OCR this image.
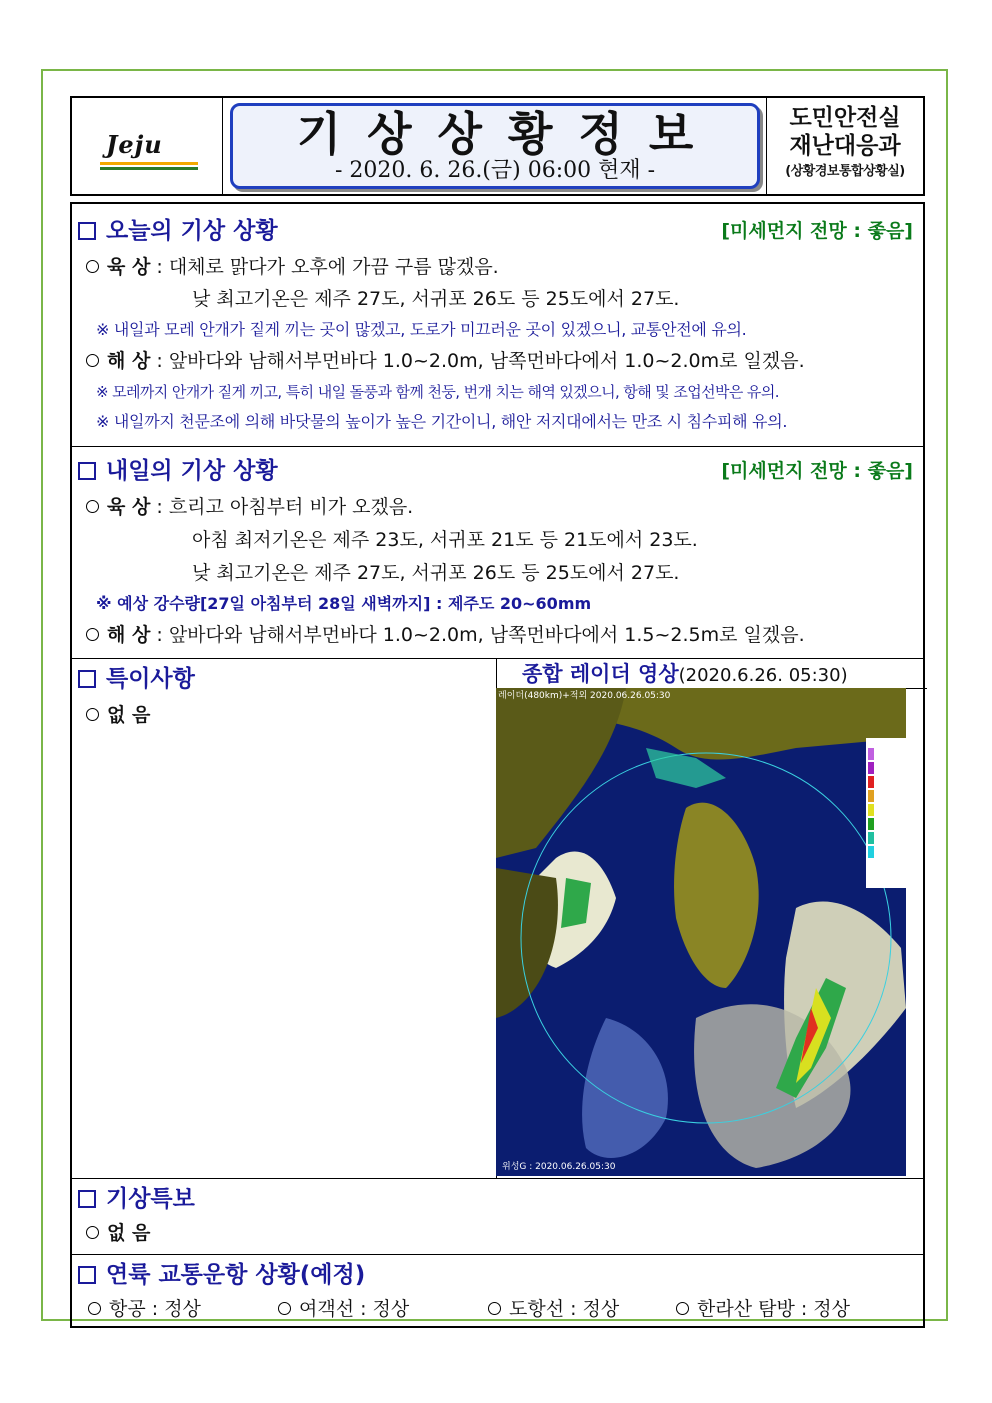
Jeju	기상상황정보
- 2020. 6. 26.(금) 06:00 현재 -
도민안전실
재난대응과
(상황경보통합상황실)
오늘의 기상 상황	[미세먼지 전망 : 좋음]
육 상 : 대체로 맑다가 오후에 가끔 구름 많겠음.
낮 최고기온은 제주 27도, 서귀포 26도 등 25도에서 27도.
※ 내일과 모레 안개가 짙게 끼는 곳이 많겠고, 도로가 미끄러운 곳이 있겠으니, 교통안전에 유의.
해 상 : 앞바다와 남해서부먼바다 1.0~2.0m, 남쪽먼바다에서 1.0~2.0m로 일겠음.
※ 모레까지 안개가 짙게 끼고, 특히 내일 돌풍과 함께 천둥, 번개 치는 해역 있겠으니, 항해 및 조업선박은 유의.
※ 내일까지 천문조에 의해 바닷물의 높이가 높은 기간이니, 해안 저지대에서는 만조 시 침수피해 유의.
내일의 기상 상황	[미세먼지 전망 : 좋음]
육 상 : 흐리고 아침부터 비가 오겠음.
아침 최저기온은 제주 23도, 서귀포 21도 등 21도에서 23도.
낮 최고기온은 제주 27도, 서귀포 26도 등 25도에서 27도.
※ 예상 강수량[27일 아침부터 28일 새벽까지] : 제주도 20~60mm
해 상 : 앞바다와 남해서부먼바다 1.0~2.0m, 남쪽먼바다에서 1.5~2.5m로 일겠음.
특이사항
없 음
종합 레이더 영상(2020.6.26. 05:30)
레이더(480km)+적외 2020.06.26.05:30
위성G : 2020.06.26.05:30
기상특보
없 음
연륙 교통운항 상황(예정)
항공 : 정상	여객선 : 정상	도항선 : 정상	한라산 탐방 : 정상
